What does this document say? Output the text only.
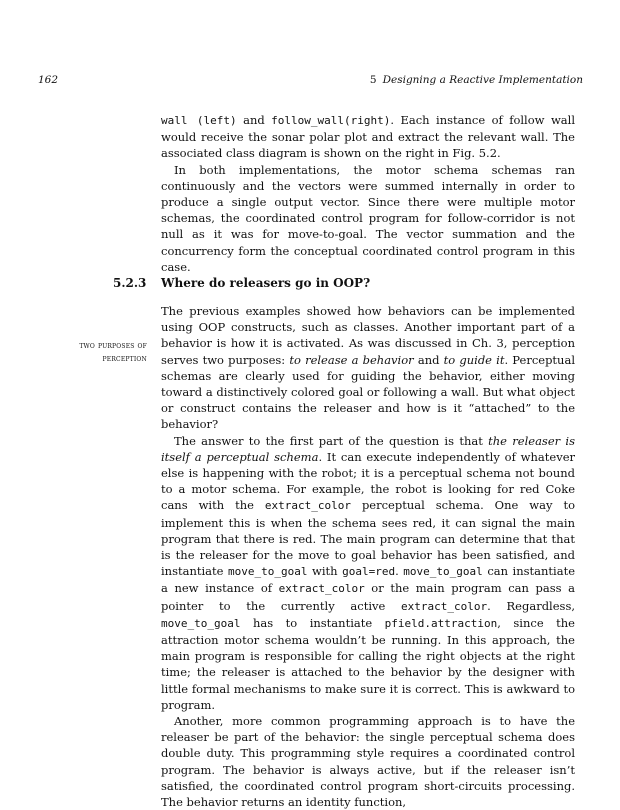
162	5 Designing a Reactive Implementation

wall (left) and follow_wall(right). Each instance of follow wall would receive the sonar polar plot and extract the relevant wall. The associated class diagram is shown on the right in Fig. 5.2.

In both implementations, the motor schema schemas ran continuously and the vectors were summed internally in order to produce a single output vector. Since there were multiple motor schemas, the coordinated control program for follow-corridor is not null as it was for move-to-goal. The vector summation and the concurrency form the conceptual coordinated control program in this case.

5.2.3 Where do releasers go in OOP?
two purposes of
perception

The previous examples showed how behaviors can be implemented using OOP constructs, such as classes. Another important part of a behavior is how it is activated. As was discussed in Ch. 3, perception serves two purposes: to release a behavior and to guide it. Perceptual schemas are clearly used for guiding the behavior, either moving toward a distinctively colored goal or following a wall. But what object or construct contains the releaser and how is it “attached” to the behavior?

The answer to the first part of the question is that the releaser is itself a perceptual schema. It can execute independently of whatever else is happening with the robot; it is a perceptual schema not bound to a motor schema. For example, the robot is looking for red Coke cans with the extract_color perceptual schema. One way to implement this is when the schema sees red, it can signal the main program that there is red. The main program can determine that that is the releaser for the move to goal behavior has been satisfied, and instantiate move_to_goal with goal=red. move_to_goal can instantiate a new instance of extract_color or the main program can pass a pointer to the currently active extract_color. Regardless, move_to_goal has to instantiate pfield.attraction, since the attraction motor schema wouldn’t be running. In this approach, the main program is responsible for calling the right objects at the right time; the releaser is attached to the behavior by the designer with little formal mechanisms to make sure it is correct. This is awkward to program.

Another, more common programming approach is to have the releaser be part of the behavior: the single perceptual schema does double duty. This programming style requires a coordinated control program. The behavior is always active, but if the releaser isn’t satisfied, the coordinated control program short-circuits processing. The behavior returns an identity function,
